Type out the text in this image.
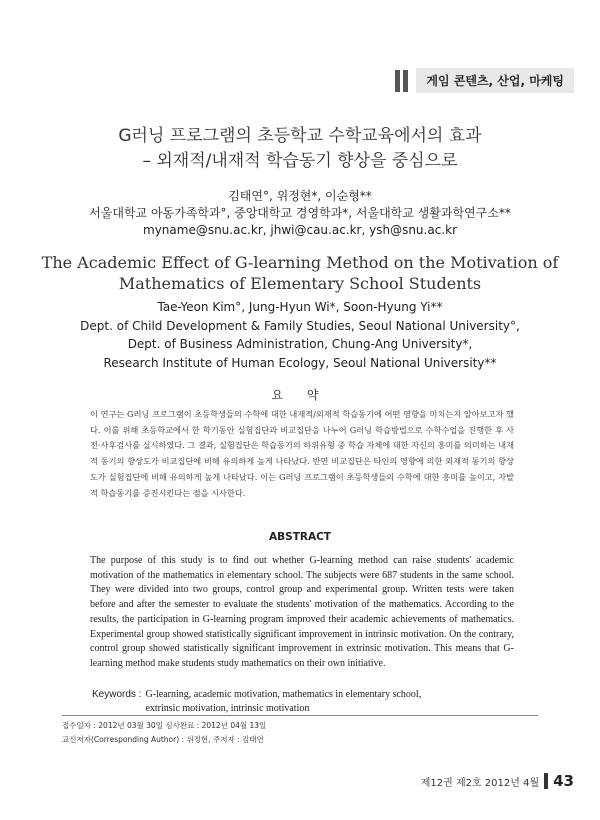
게임 콘텐츠, 산업, 마케팅
G러닝 프로그램의 초등학교 수학교육에서의 효과
– 외재적/내재적 학습동기 향상을 중심으로
김태연°, 위정현*, 이순형**
서울대학교 아동가족학과°, 중앙대학교 경영학과*, 서울대학교 생활과학연구소**
myname@snu.ac.kr, jhwi@cau.ac.kr, ysh@snu.ac.kr
The Academic Effect of G-learning Method on the Motivation of
Mathematics of Elementary School Students
Tae-Yeon Kim°, Jung-Hyun Wi*, Soon-Hyung Yi**
Dept. of Child Development & Family Studies, Seoul National University°,
Dept. of Business Administration, Chung-Ang University*,
Research Institute of Human Ecology, Seoul National University**
요 약
이 연구는 G러닝 프로그램이 초등학생들의 수학에 대한 내재적/외재적 학습동기에 어떤 영향을 미치는지 알아보고자 했다. 이를 위해 초등학교에서 한 학기동안 실험집단과 비교집단을 나누어 G러닝 학습방법으로 수학수업을 진행한 후 사전·사후검사를 실시하였다. 그 결과, 실험집단은 학습동기의 하위유형 중 학습 자체에 대한 자신의 흥미를 의미하는 내재적 동기의 향상도가 비교집단에 비해 유의하게 높게 나타났다. 반면 비교집단은 타인의 영향에 의한 외재적 동기의 향상도가 실험집단에 비해 유의하게 높게 나타났다. 이는 G러닝 프로그램이 초등학생들의 수학에 대한 흥미를 높이고, 자발적 학습동기를 증진시킨다는 점을 시사한다.
ABSTRACT
The purpose of this study is to find out whether G-learning method can raise students' academic motivation of the mathematics in elementary school. The subjects were 687 students in the same school. They were divided into two groups, control group and experimental group. Written tests were taken before and after the semester to evaluate the students' motivation of the mathematics. According to the results, the participation in G-learning program improved their academic achievements of mathematics. Experimental group showed statistically significant improvement in intrinsic motivation. On the contrary, control group showed statistically significant improvement in extrinsic motivation. This means that G-learning method make students study mathematics on their own initiative.
Keywords : G-learning, academic motivation, mathematics in elementary school,
extrinsic motivation, intrinsic motivation
접수일자 : 2012년 03월 30일 심사완료 : 2012년 04월 13일
교신저자(Corresponding Author) : 위정현, 주저자 : 김태연
제12권 제2호 2012년 4월 43
